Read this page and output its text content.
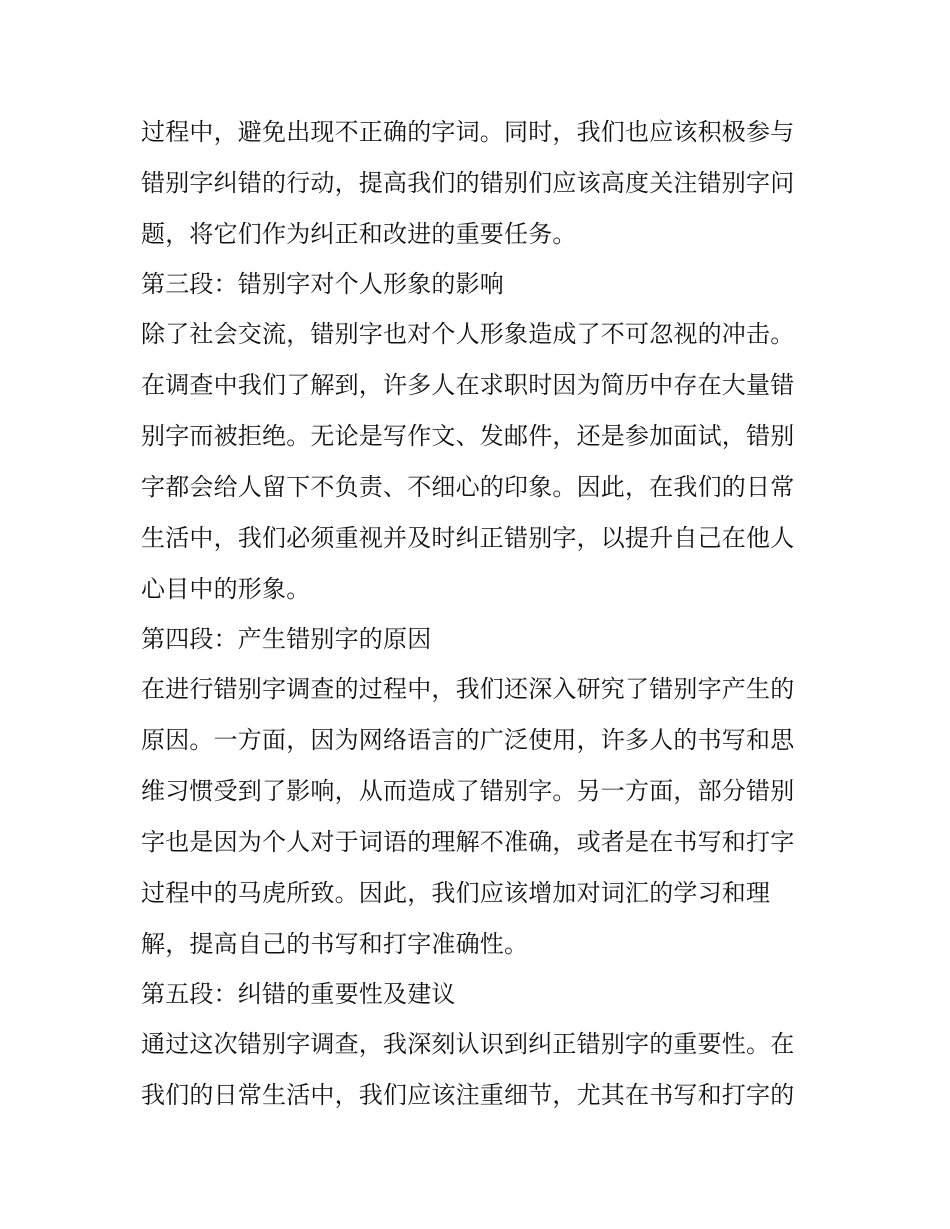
过程中，避免出现不正确的字词。同时，我们也应该积极参与
错别字纠错的行动，提高我们的错别们应该高度关注错别字问
题，将它们作为纠正和改进的重要任务。
第三段：错别字对个人形象的影响
除了社会交流，错别字也对个人形象造成了不可忽视的冲击。
在调查中我们了解到，许多人在求职时因为简历中存在大量错
别字而被拒绝。无论是写作文、发邮件，还是参加面试，错别
字都会给人留下不负责、不细心的印象。因此，在我们的日常
生活中，我们必须重视并及时纠正错别字，以提升自己在他人
心目中的形象。
第四段：产生错别字的原因
在进行错别字调查的过程中，我们还深入研究了错别字产生的
原因。一方面，因为网络语言的广泛使用，许多人的书写和思
维习惯受到了影响，从而造成了错别字。另一方面，部分错别
字也是因为个人对于词语的理解不准确，或者是在书写和打字
过程中的马虎所致。因此，我们应该增加对词汇的学习和理
解，提高自己的书写和打字准确性。
第五段：纠错的重要性及建议
通过这次错别字调查，我深刻认识到纠正错别字的重要性。在
我们的日常生活中，我们应该注重细节，尤其在书写和打字的
